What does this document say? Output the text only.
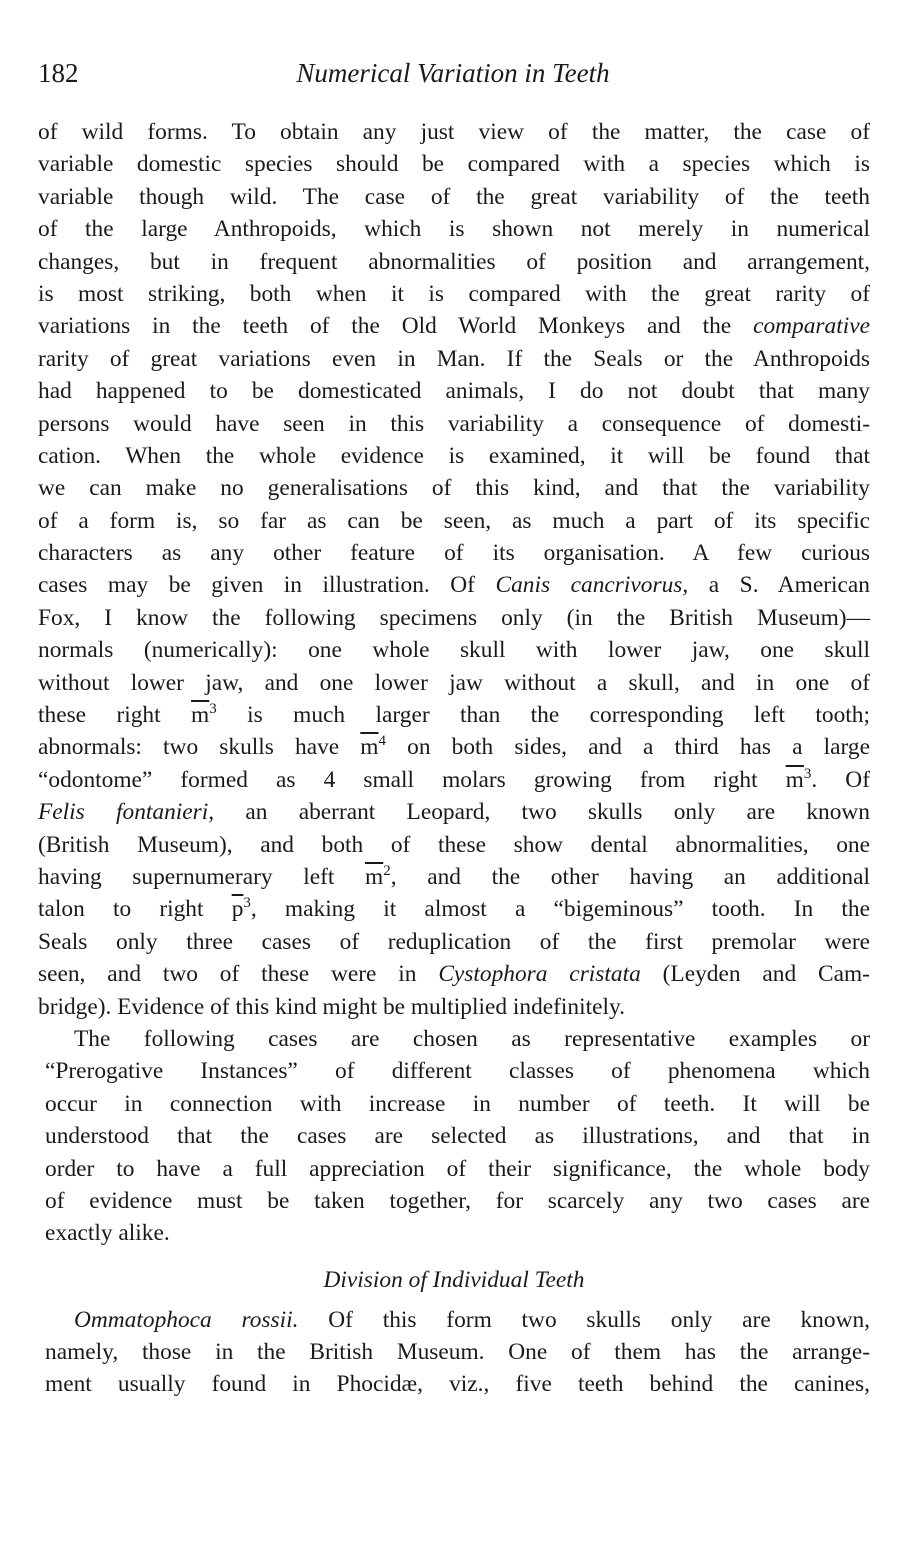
182	Numerical Variation in Teeth
of wild forms. To obtain any just view of the matter, the case of
variable domestic species should be compared with a species which is
variable though wild. The case of the great variability of the teeth
of the large Anthropoids, which is shown not merely in numerical
changes, but in frequent abnormalities of position and arrangement,
is most striking, both when it is compared with the great rarity of
variations in the teeth of the Old World Monkeys and the comparative
rarity of great variations even in Man. If the Seals or the Anthropoids
had happened to be domesticated animals, I do not doubt that many
persons would have seen in this variability a consequence of domesti-
cation. When the whole evidence is examined, it will be found that
we can make no generalisations of this kind, and that the variability
of a form is, so far as can be seen, as much a part of its specific
characters as any other feature of its organisation. A few curious
cases may be given in illustration. Of Canis cancrivorus, a S. American
Fox, I know the following specimens only (in the British Museum)—
normals (numerically): one whole skull with lower jaw, one skull
without lower jaw, and one lower jaw without a skull, and in one of
these right $\overline{m}^3$ is much larger than the corresponding left tooth;
abnormals: two skulls have $\overline{m}^4$ on both sides, and a third has a large
“odontome” formed as 4 small molars growing from right $\overline{m}^3$. Of
Felis fontanieri, an aberrant Leopard, two skulls only are known
(British Museum), and both of these show dental abnormalities, one
having supernumerary left $\overline{m}^2$, and the other having an additional
talon to right $\overline{p}^3$, making it almost a “bigeminous” tooth. In the
Seals only three cases of reduplication of the first premolar were
seen, and two of these were in Cystophora cristata (Leyden and Cam-
bridge). Evidence of this kind might be multiplied indefinitely.
The following cases are chosen as representative examples or
“Prerogative Instances” of different classes of phenomena which
occur in connection with increase in number of teeth. It will be
understood that the cases are selected as illustrations, and that in
order to have a full appreciation of their significance, the whole body
of evidence must be taken together, for scarcely any two cases are
exactly alike.
Division of Individual Teeth
Ommatophoca rossii. Of this form two skulls only are known,
namely, those in the British Museum. One of them has the arrange-
ment usually found in Phocidæ, viz., five teeth behind the canines,
